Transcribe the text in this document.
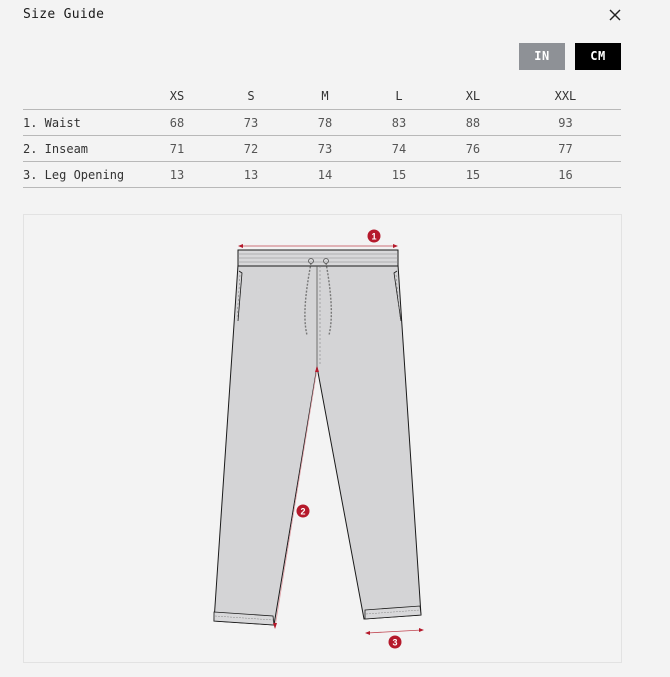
Size Guide
IN	CM
	XS	S	M	L	XL	XXL
1. Waist	68	73	78	83	88	93
2. Inseam	71	72	73	74	76	77
3. Leg Opening	13	13	14	15	15	16
1
2
3
